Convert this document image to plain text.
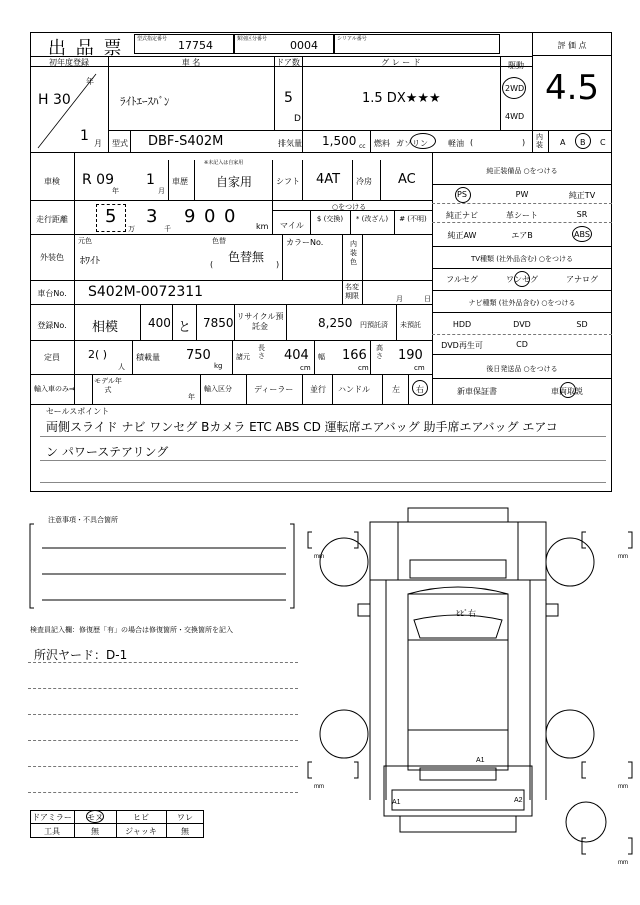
出 品 票	型式指定番号 17754	類別区分番号 0004	シリアル番号
評 価 点
4.5
初年度登録	車 名	ドア数	グ レ ー ド	駆動
年
H 30
1 月
ﾗｲﾄｴｰｽﾊﾞﾝ	5
D
1.5 DX★★★
2WD
4WD
型式 DBF-S402M	排気量 1,500 cc 燃料 ガソリン	軽油 (	)
内装 A B C
車検	R 09
年
1
月
車歴
※未記入は自家用
自家用	シフト 4AT 冷房 AC
走行距離	5
万
3
千
9 0 0	km
○をつける
マイル
$ (交換)	* (改ざん)	# (不明)
外装色
元色
ﾎﾜｲﾄ
色替
(
色替無
)
カラーNo.	内装色
車台No.	S402M-0072311	名変期限	月	日
登録No.	相模 400 と 7850 リサイクル預託金	8,250 円預託済 未預託
定員	2( )
人
積載量 750
kg
諸元
長さ 404
cm
幅 166
cm
高さ 190
cm
輸入車のみ⇒
モデル年式
年
輸入区分	ディーラー 並行 ハンドル	左 右
純正装備品 ○をつける
PS	PW	純正TV
純正ナビ	革シート	SR
純正AW	エアB	ABS
TV種類 (社外品含む) ○をつける
フルセグ	ワンセグ	アナログ
ナビ種類 (社外品含む) ○をつける
HDD	DVD	SD
DVD再生可	CD
後日発送品 ○をつける
新車保証書	車両取説
セールスポイント
両側スライド ナビ ワンセグ Bカメラ ETC ABS CD 運転席エアバッグ 助手席エアバッグ エアコ
ン パワーステアリング
注意事項・不具合箇所
検査員記入欄：修復歴「有」の場合は修復箇所・交換箇所を記入
所沢ヤード：D-1
ドアミラー	モヌ	ヒビ	ワレ
工具	無	ジャッキ	無
ﾋﾋﾞ右
A1
A1	A2
mm	mm
mm	mm
mm
